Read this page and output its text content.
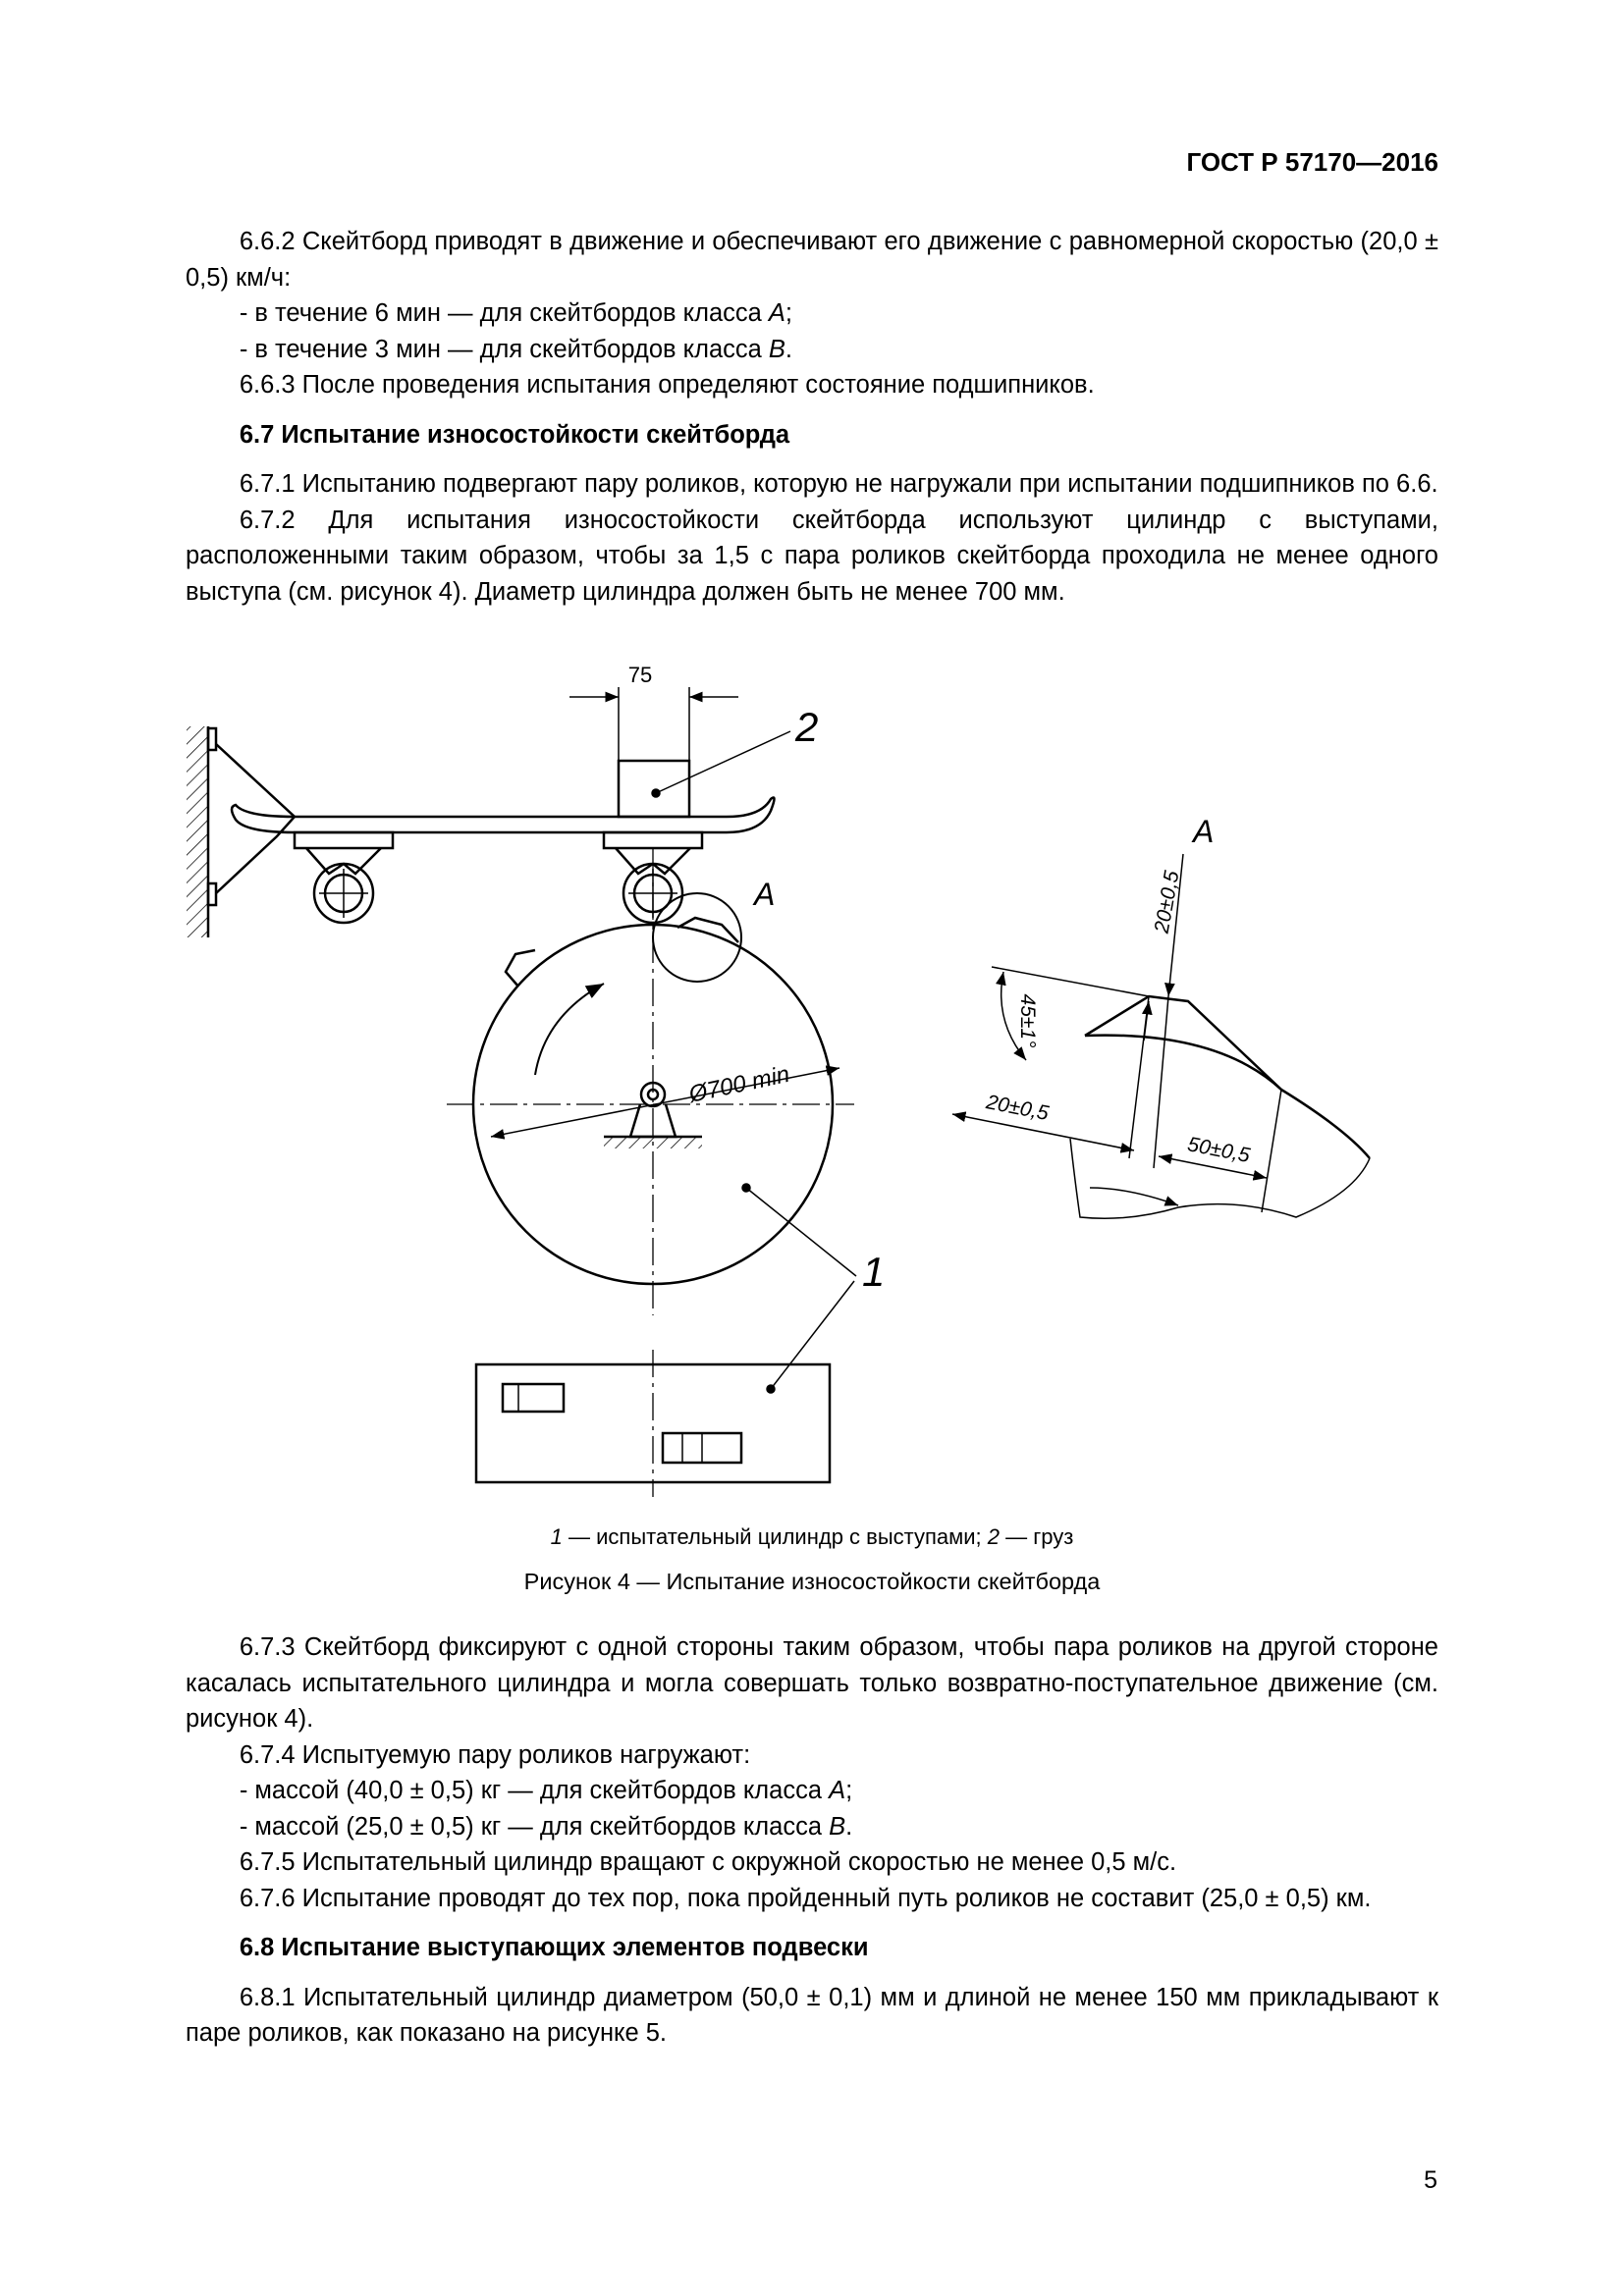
ГОСТ Р 57170—2016

6.6.2 Скейтборд приводят в движение и обеспечивают его движение с равномерной скоростью (20,0 ± 0,5) км/ч:

- в течение 6 мин — для скейтбордов класса А;

- в течение 3 мин — для скейтбордов класса В.

6.6.3 После проведения испытания определяют состояние подшипников.

6.7 Испытание износостойкости скейтборда

6.7.1 Испытанию подвергают пару роликов, которую не нагружали при испытании подшипников по 6.6.

6.7.2 Для испытания износостойкости скейтборда используют цилиндр с выступами, расположенными таким образом, чтобы за 1,5 с пара роликов скейтборда проходила не менее одного выступа (см. рисунок 4). Диаметр цилиндра должен быть не менее 700 мм.

75
2
А
1
Ø700 min
А
20±0,5
45±1°
20±0,5
50±0,5
1 — испытательный цилиндр с выступами; 2 — груз
Рисунок 4 — Испытание износостойкости скейтборда

6.7.3 Скейтборд фиксируют с одной стороны таким образом, чтобы пара роликов на другой стороне касалась испытательного цилиндра и могла совершать только возвратно-поступательное движение (см. рисунок 4).

6.7.4 Испытуемую пару роликов нагружают:

- массой (40,0 ± 0,5) кг — для скейтбордов класса А;

- массой (25,0 ± 0,5) кг — для скейтбордов класса В.

6.7.5 Испытательный цилиндр вращают с окружной скоростью не менее 0,5 м/с.

6.7.6 Испытание проводят до тех пор, пока пройденный путь роликов не составит (25,0 ± 0,5) км.

6.8 Испытание выступающих элементов подвески

6.8.1 Испытательный цилиндр диаметром (50,0 ± 0,1) мм и длиной не менее 150 мм прикладывают к паре роликов, как показано на рисунке 5.

5
